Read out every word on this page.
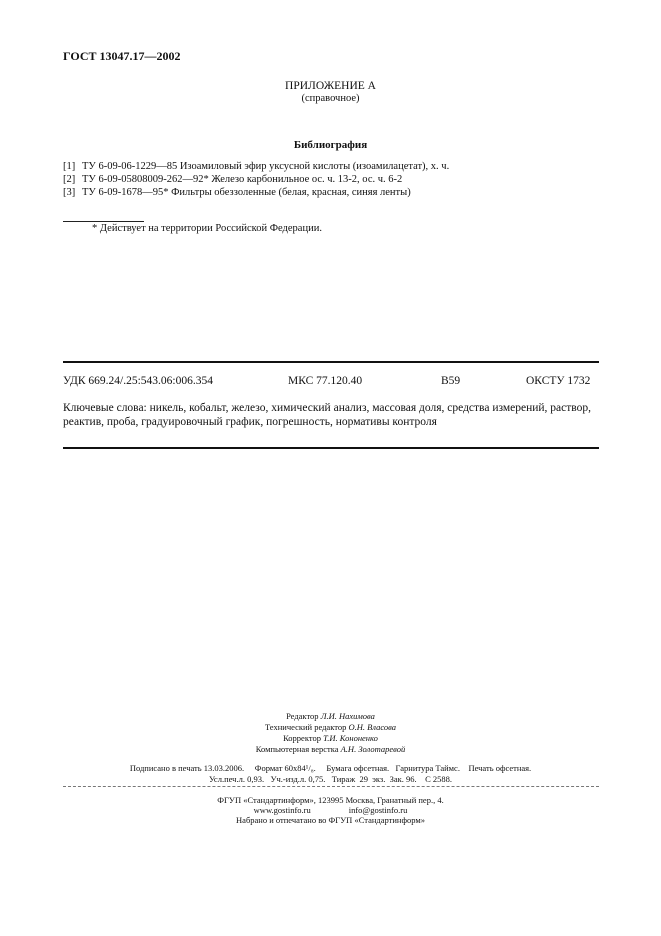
ГОСТ 13047.17—2002
ПРИЛОЖЕНИЕ А
(справочное)
Библиография
[1] ТУ 6-09-06-1229—85 Изоамиловый эфир уксусной кислоты (изоамилацетат), х. ч.
[2] ТУ 6-09-05808009-262—92* Железо карбонильное ос. ч. 13-2, ос. ч. 6-2
[3] ТУ 6-09-1678—95* Фильтры обеззоленные (белая, красная, синяя ленты)
* Действует на территории Российской Федерации.
УДК 669.24/.25:543.06:006.354	МКС 77.120.40	В59	ОКСТУ 1732
Ключевые слова: никель, кобальт, железо, химический анализ, массовая доля, средства измерений, раствор, реактив, проба, градуировочный график, погрешность, нормативы контроля
Редактор Л.И. Нахимова
Технический редактор О.Н. Власова
Корректор Т.И. Кононенко
Компьютерная верстка А.Н. Золотаревой
Подписано в печать 13.03.2006.     Формат 60x84¹/₈.     Бумага офсетная.   Гарнитура Таймс.    Печать офсетная.
Усл.печ.л. 0,93.   Уч.-изд.л. 0,75.   Тираж  29  экз.  Зак. 96.    С 2588.
ФГУП «Стандартинформ», 123995 Москва, Гранатный пер., 4.
www.gostinfo.ru	info@gostinfo.ru
Набрано и отпечатано во ФГУП «Стандартинформ»
